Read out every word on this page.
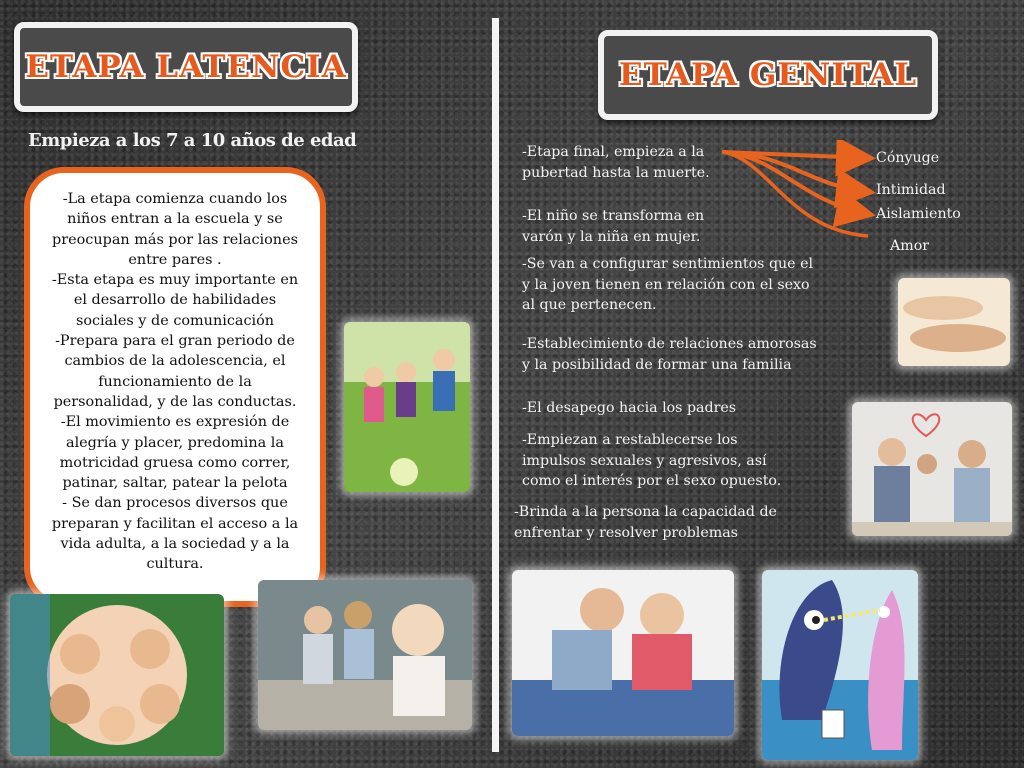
ETAPA LATENCIA
Empieza a los 7 a 10 años de edad

-La etapa comienza cuando los niños entran a la escuela y se preocupan más por las relaciones entre pares .

-Esta etapa es muy importante en el desarrollo de habilidades sociales y de comunicación

-Prepara para el gran periodo de cambios de la adolescencia, el funcionamiento de la personalidad, y de las conductas.

-El movimiento es expresión de alegría y placer, predomina la motricidad gruesa como correr, patinar, saltar, patear la pelota

- Se dan procesos diversos que preparan y facilitan el acceso a la vida adulta, a la sociedad y a la cultura.

ETAPA GENITAL
-Etapa final, empieza a la pubertad hasta la muerte.
-El niño se transforma en varón y la niña en mujer.
-Se van a configurar sentimientos que el y la joven tienen en relación con el sexo al que pertenecen.
-Establecimiento de relaciones amorosas y la posibilidad de formar una familia
-El desapego hacia los padres
-Empiezan a restablecerse los impulsos sexuales y agresivos, así como el interés por el sexo opuesto.
-Brinda a la persona la capacidad de enfrentar y resolver problemas
Cónyuge
Intimidad
Aislamiento
Amor
